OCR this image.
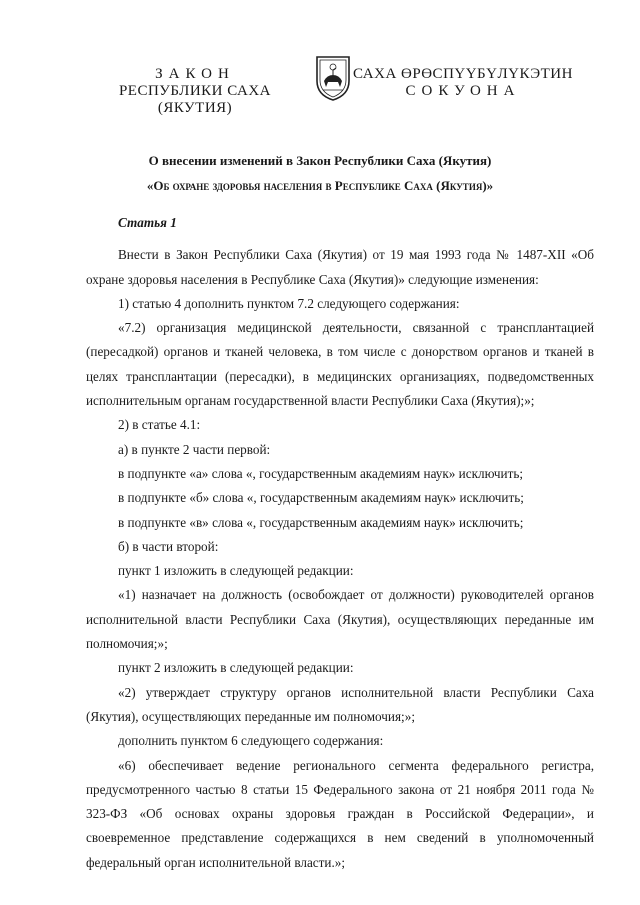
ЗАКОН
РЕСПУБЛИКИ САХА (ЯКУТИЯ)
САХА ӨРӨСПҮҮБҮЛҮКЭТИН
СОКУОНА
О внесении изменений в Закон Республики Саха (Якутия)
«Об охране здоровья населения в Республике Саха (Якутия)»

Статья 1

Внести в Закон Республики Саха (Якутия) от 19 мая 1993 года № 1487-XII «Об охране здоровья населения в Республике Саха (Якутия)» следующие изменения:

1) статью 4 дополнить пунктом 7.2 следующего содержания:

«7.2) организация медицинской деятельности, связанной с трансплантацией (пересадкой) органов и тканей человека, в том числе с донорством органов и тканей в целях трансплантации (пересадки), в медицинских организациях, подведомственных исполнительным органам государственной власти Республики Саха (Якутия);»;

2) в статье 4.1:

а) в пункте 2 части первой:

в подпункте «а» слова «, государственным академиям наук» исключить;

в подпункте «б» слова «, государственным академиям наук» исключить;

в подпункте «в» слова «, государственным академиям наук» исключить;

б) в части второй:

пункт 1 изложить в следующей редакции:

«1) назначает на должность (освобождает от должности) руководителей органов исполнительной власти Республики Саха (Якутия), осуществляющих переданные им полномочия;»;

пункт 2 изложить в следующей редакции:

«2) утверждает структуру органов исполнительной власти Республики Саха (Якутия), осуществляющих переданные им полномочия;»;

дополнить пунктом 6 следующего содержания:

«6) обеспечивает ведение регионального сегмента федерального регистра, предусмотренного частью 8 статьи 15 Федерального закона от 21 ноября 2011 года № 323-ФЗ «Об основах охраны здоровья граждан в Российской Федерации», и своевременное представление содержащихся в нем сведений в уполномоченный федеральный орган исполнительной власти.»;
